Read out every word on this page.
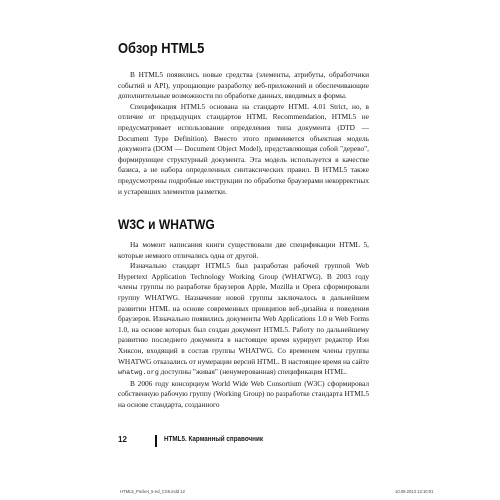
Обзор HTML5

В HTML5 появились новые средства (элементы, атрибуты, обработчики событий и API), упрощающие разработку веб-приложений и обеспечивающие дополнительные возможности по обработке данных, вводимых в формы.

Спецификация HTML5 основана на стандарте HTML 4.01 Strict, но, в отличие от предыдущих стандартов HTML Recommendation, HTML5 не предусматривает использование определения типа документа (DTD — Document Type Definition). Вместо этого применяется объектная модель документа (DOM — Document Object Model), представляющая собой "дерево", формирующее структурный документа. Эта модель используется в качестве базиса, а не набора определенных синтаксических правил. В HTML5 также предусмотрены подробные инструкции по обработке браузерами некорректных и устаревших элементов разметки.

W3C и WHATWG

На момент написания книги существовали две спецификации HTML 5, которые немного отличались одна от другой.

Изначально стандарт HTML5 был разработан рабочей группой Web Hypertext Application Technology Working Group (WHATWG). В 2003 году члены группы по разработке браузеров Apple, Mozilla и Opera сформировали группу WHATWG. Назначение новой группы заключалось в дальнейшем развитии HTML на основе современных принципов веб-дизайна и поведения браузеров. Изначально появились документы Web Applications 1.0 и Web Forms 1.0, на основе которых был создан документ HTML5. Работу по дальнейшему развитию последнего документа в настоящее время курирует редактор Иэн Хиксон, входящий в состав группы WHATWG. Со временем члены группы WHATWG отказались от нумерации версий HTML. В настоящее время на сайте whatwg.org доступны "живая" (ненумерованная) спецификация HTML.

В 2006 году консорциум World Wide Web Consortium (W3C) сформировал собственную рабочую группу (Working Group) по разработке стандарта HTML5 на основе стандарта, созданного

12	HTML5. Карманный справочник
HTML5_Pocket_5-ed_CS6.indd 12	10.09.2013 13:10:01
